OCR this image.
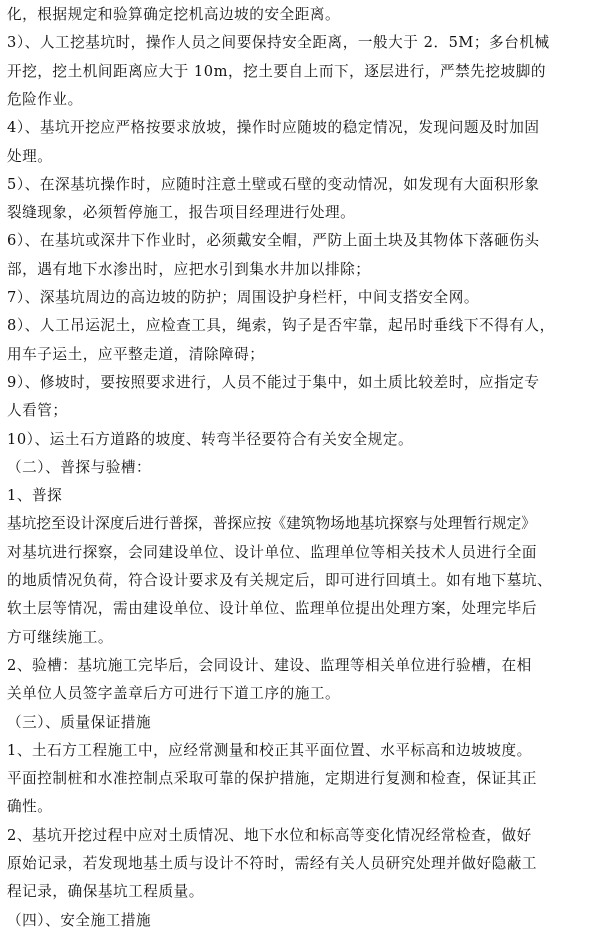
化，根据规定和验算确定挖机高边坡的安全距离。
3）、人工挖基坑时，操作人员之间要保持安全距离，一般大于 2．5M；多台机械
开挖，挖土机间距离应大于 10m，挖土要自上而下，逐层进行，严禁先挖坡脚的
危险作业。
4）、基坑开挖应严格按要求放坡，操作时应随坡的稳定情况，发现问题及时加固
处理。
5）、在深基坑操作时，应随时注意土壁或石壁的变动情况，如发现有大面积形象
裂缝现象，必须暂停施工，报告项目经理进行处理。
6）、在基坑或深井下作业时，必须戴安全帽，严防上面土块及其物体下落砸伤头
部，遇有地下水渗出时，应把水引到集水井加以排除；
7）、深基坑周边的高边坡的防护；周围设护身栏杆，中间支搭安全网。
8）、人工吊运泥土，应检查工具，绳索，钩子是否牢靠，起吊时垂线下不得有人，
用车子运土，应平整走道，清除障碍；
9）、修坡时，要按照要求进行，人员不能过于集中，如土质比较差时，应指定专
人看管；
10）、运土石方道路的坡度、转弯半径要符合有关安全规定。
（二）、普探与验槽：
1、普探
基坑挖至设计深度后进行普探，普探应按《建筑物场地基坑探察与处理暂行规定》
对基坑进行探察，会同建设单位、设计单位、监理单位等相关技术人员进行全面
的地质情况负荷，符合设计要求及有关规定后，即可进行回填土。如有地下墓坑、
软土层等情况，需由建设单位、设计单位、监理单位提出处理方案，处理完毕后
方可继续施工。
2、验槽：基坑施工完毕后，会同设计、建设、监理等相关单位进行验槽，在相
关单位人员签字盖章后方可进行下道工序的施工。
（三）、质量保证措施
1、土石方工程施工中，应经常测量和校正其平面位置、水平标高和边坡坡度。
平面控制桩和水准控制点采取可靠的保护措施，定期进行复测和检查，保证其正
确性。
2、基坑开挖过程中应对土质情况、地下水位和标高等变化情况经常检查，做好
原始记录，若发现地基土质与设计不符时，需经有关人员研究处理并做好隐蔽工
程记录，确保基坑工程质量。
（四）、安全施工措施
